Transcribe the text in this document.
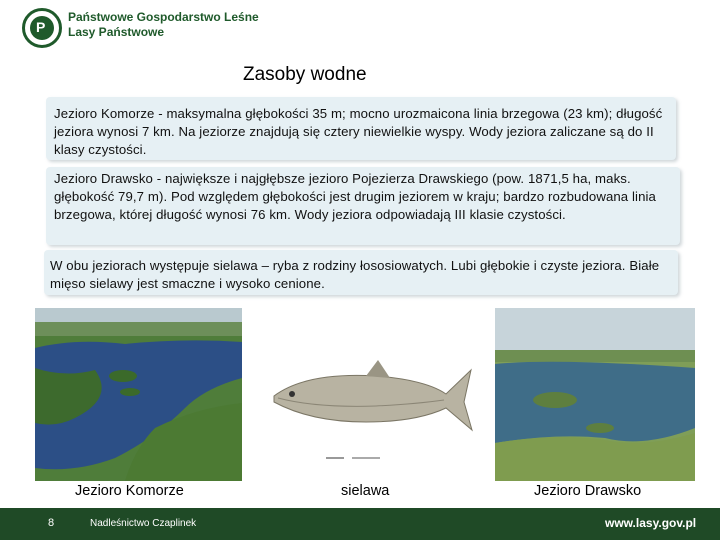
P
Państwowe Gospodarstwo Leśne
Lasy Państwowe
Zasoby wodne
Jezioro Komorze - maksymalna głębokości 35 m; mocno urozmaicona linia brzegowa (23 km); długość jeziora wynosi 7 km. Na jeziorze znajdują się cztery niewielkie wyspy. Wody jeziora zaliczane są do II klasy czystości.
Jezioro Drawsko - największe i najgłębsze jezioro Pojezierza Drawskiego (pow. 1871,5 ha, maks. głębokość 79,7 m). Pod względem głębokości jest drugim jeziorem w kraju; bardzo rozbudowana linia brzegowa, której długość wynosi 76 km. Wody jeziora odpowiadają III klasie czystości.
W obu jeziorach występuje sielawa – ryba z rodziny łososiowatych. Lubi głębokie i czyste jeziora. Białe mięso sielawy jest smaczne i wysoko cenione.
Jezioro Komorze	sielawa	Jezioro Drawsko
8	Nadleśnictwo Czaplinek	www.lasy.gov.pl
